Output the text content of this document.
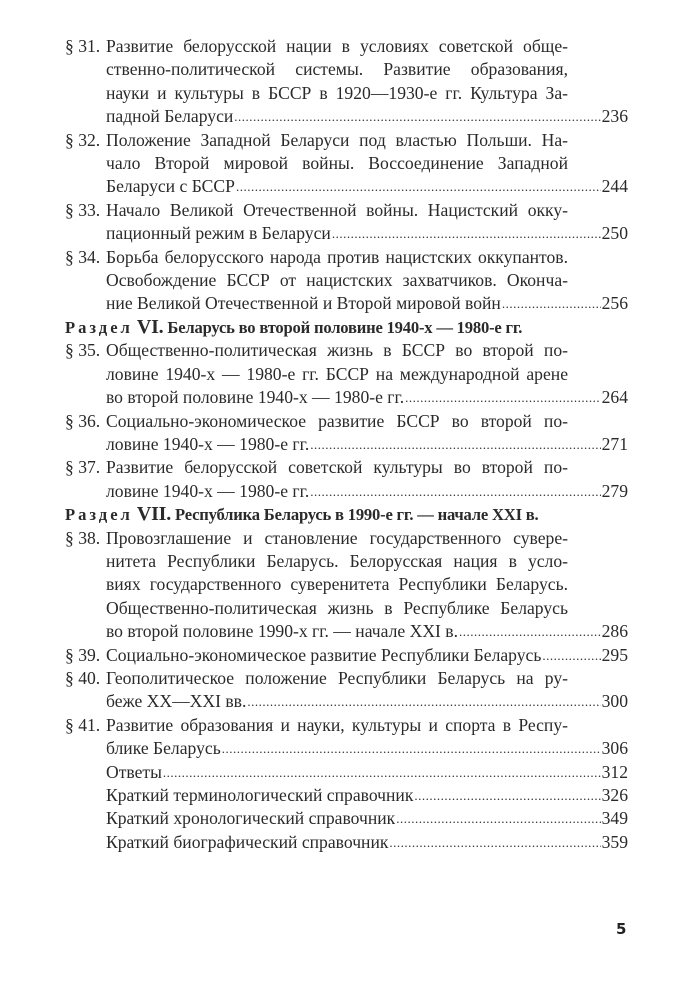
§ 31. Развитие белорусской нации в условиях советской обще-
ственно-политической системы. Развитие образования,
науки и культуры в БССР в 1920—1930-е гг. Культура За-
падной Беларуси .....	236
§ 32. Положение Западной Беларуси под властью Польши. На-
чало Второй мировой войны. Воссоединение Западной
Беларуси с БССР .....	244
§ 33. Начало Великой Отечественной войны. Нацистский окку-
пационный режим в Беларуси .....	250
§ 34. Борьба белорусского народа против нацистских оккупантов.
Освобождение БССР от нацистских захватчиков. Оконча-
ние Великой Отечественной и Второй мировой войн .....	256
Раздел VI. Беларусь во второй половине 1940-х — 1980-е гг.
§ 35. Общественно-политическая жизнь в БССР во второй по-
ловине 1940-х — 1980-е гг. БССР на международной арене
во второй половине 1940-х — 1980-е гг. .....	264
§ 36. Социально-экономическое развитие БССР во второй по-
ловине 1940-х — 1980-е гг. .....	271
§ 37. Развитие белорусской советской культуры во второй по-
ловине 1940-х — 1980-е гг. .....	279
Раздел VII. Республика Беларусь в 1990-е гг. — начале XXI в.
§ 38. Провозглашение и становление государственного сувере-
нитета Республики Беларусь. Белорусская нация в усло-
виях государственного суверенитета Республики Беларусь.
Общественно-политическая жизнь в Республике Беларусь
во второй половине 1990-х гг. — начале XXI в. .....	286
§ 39. Социально-экономическое развитие Республики Беларусь .....	295
§ 40. Геополитическое положение Республики Беларусь на ру-
беже XX—XXI вв. .....	300
§ 41. Развитие образования и науки, культуры и спорта в Респу-
блике Беларусь .....	306
Ответы .....	312
Краткий терминологический справочник .....	326
Краткий хронологический справочник .....	349
Краткий биографический справочник .....	359
5
